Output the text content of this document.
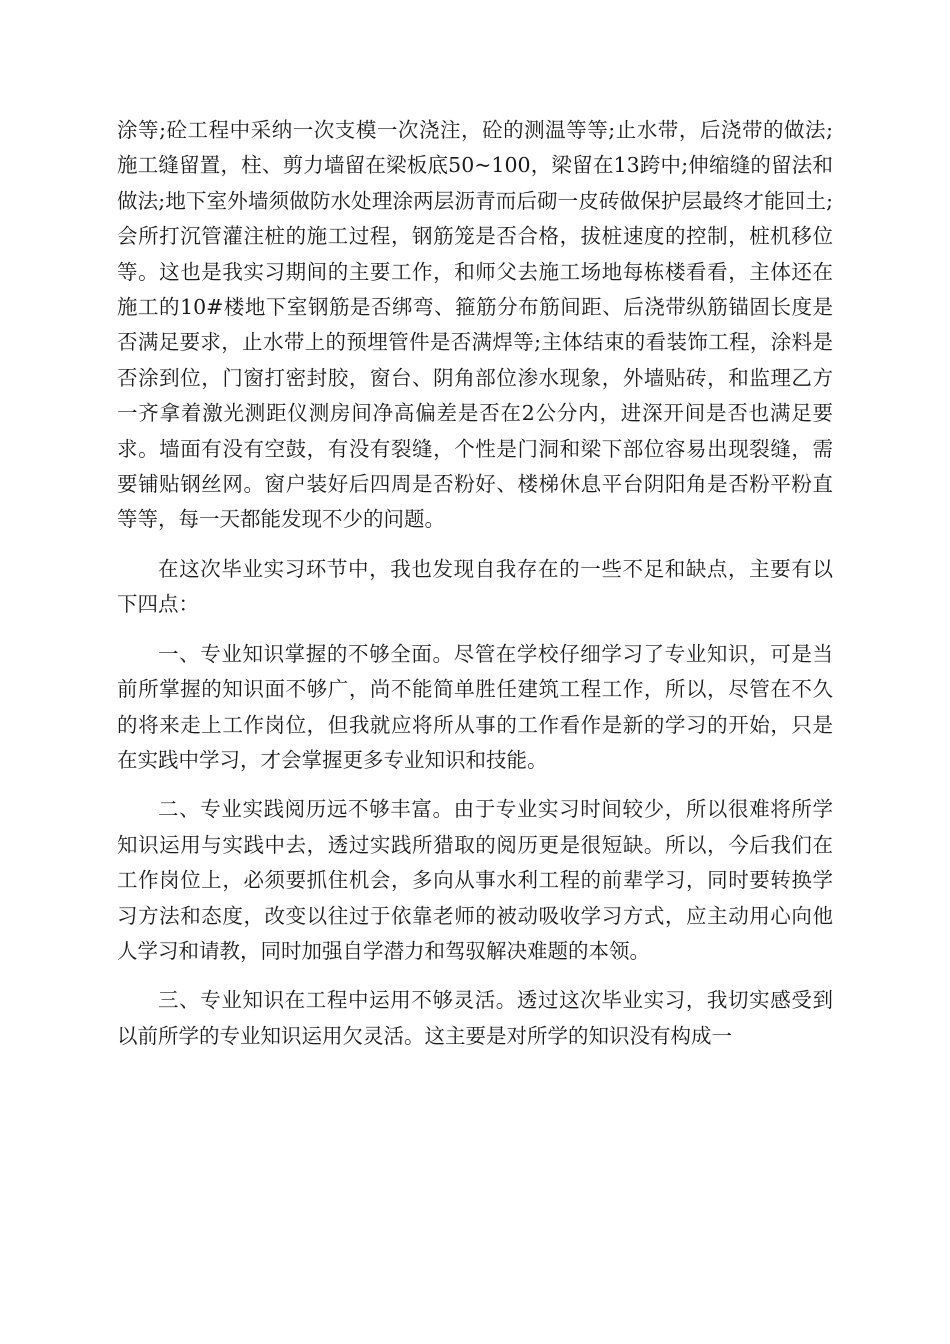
涂等;砼工程中采纳一次支模一次浇注，砼的测温等等;止水带，后浇带的做法;施工缝留置，柱、剪力墙留在梁板底50~100，梁留在13跨中;伸缩缝的留法和做法;地下室外墙须做防水处理涂两层沥青而后砌一皮砖做保护层最终才能回土;会所打沉管灌注桩的施工过程，钢筋笼是否合格，拔桩速度的控制，桩机移位等。这也是我实习期间的主要工作，和师父去施工场地每栋楼看看，主体还在施工的10#楼地下室钢筋是否绑弯、箍筋分布筋间距、后浇带纵筋锚固长度是否满足要求，止水带上的预埋管件是否满焊等;主体结束的看装饰工程，涂料是否涂到位，门窗打密封胶，窗台、阴角部位渗水现象，外墙贴砖，和监理乙方一齐拿着激光测距仪测房间净高偏差是否在2公分内，进深开间是否也满足要求。墙面有没有空鼓，有没有裂缝，个性是门洞和梁下部位容易出现裂缝，需要铺贴钢丝网。窗户装好后四周是否粉好、楼梯休息平台阴阳角是否粉平粉直等等，每一天都能发现不少的问题。

在这次毕业实习环节中，我也发现自我存在的一些不足和缺点，主要有以下四点：

一、专业知识掌握的不够全面。尽管在学校仔细学习了专业知识，可是当前所掌握的知识面不够广，尚不能简单胜任建筑工程工作，所以，尽管在不久的将来走上工作岗位，但我就应将所从事的工作看作是新的学习的开始，只是在实践中学习，才会掌握更多专业知识和技能。

二、专业实践阅历远不够丰富。由于专业实习时间较少，所以很难将所学知识运用与实践中去，透过实践所猎取的阅历更是很短缺。所以，今后我们在工作岗位上，必须要抓住机会，多向从事水利工程的前辈学习，同时要转换学习方法和态度，改变以往过于依靠老师的被动吸收学习方式，应主动用心向他人学习和请教，同时加强自学潜力和驾驭解决难题的本领。

三、专业知识在工程中运用不够灵活。透过这次毕业实习，我切实感受到以前所学的专业知识运用欠灵活。这主要是对所学的知识没有构成一
